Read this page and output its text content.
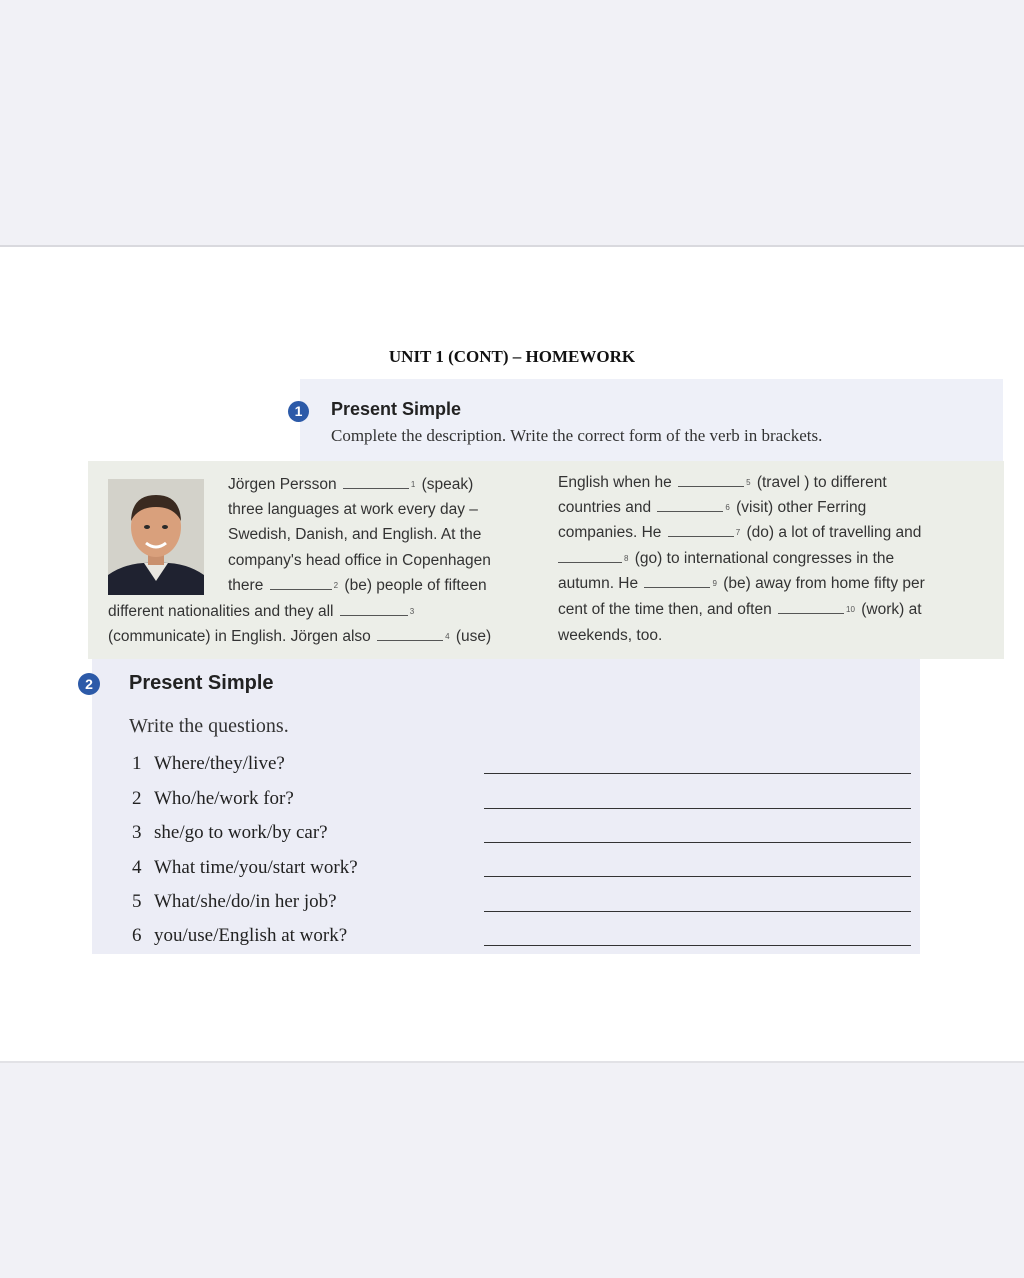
UNIT 1 (CONT) – HOMEWORK
1	Present Simple
Complete the description. Write the correct form of the verb in brackets.
Jörgen Persson	$^1$ (speak)
three languages at work every day –
Swedish, Danish, and English. At the
company's head office in Copenhagen
there	$^2$ (be) people of fifteen
different nationalities and they all	$^3$
(communicate) in English. Jörgen also	$^4$ (use)
English when he	$^5$ (travel ) to different
countries and	$^6$ (visit) other Ferring
companies. He	$^7$ (do) a lot of travelling and
$^8$ (go) to international congresses in the
autumn. He	$^9$ (be) away from home fifty per
cent of the time then, and often	$^{10}$ (work) at
weekends, too.
2	Present Simple
Write the questions.
1 Where/they/live?
2 Who/he/work for?
3 she/go to work/by car?
4 What time/you/start work?
5 What/she/do/in her job?
6 you/use/English at work?
